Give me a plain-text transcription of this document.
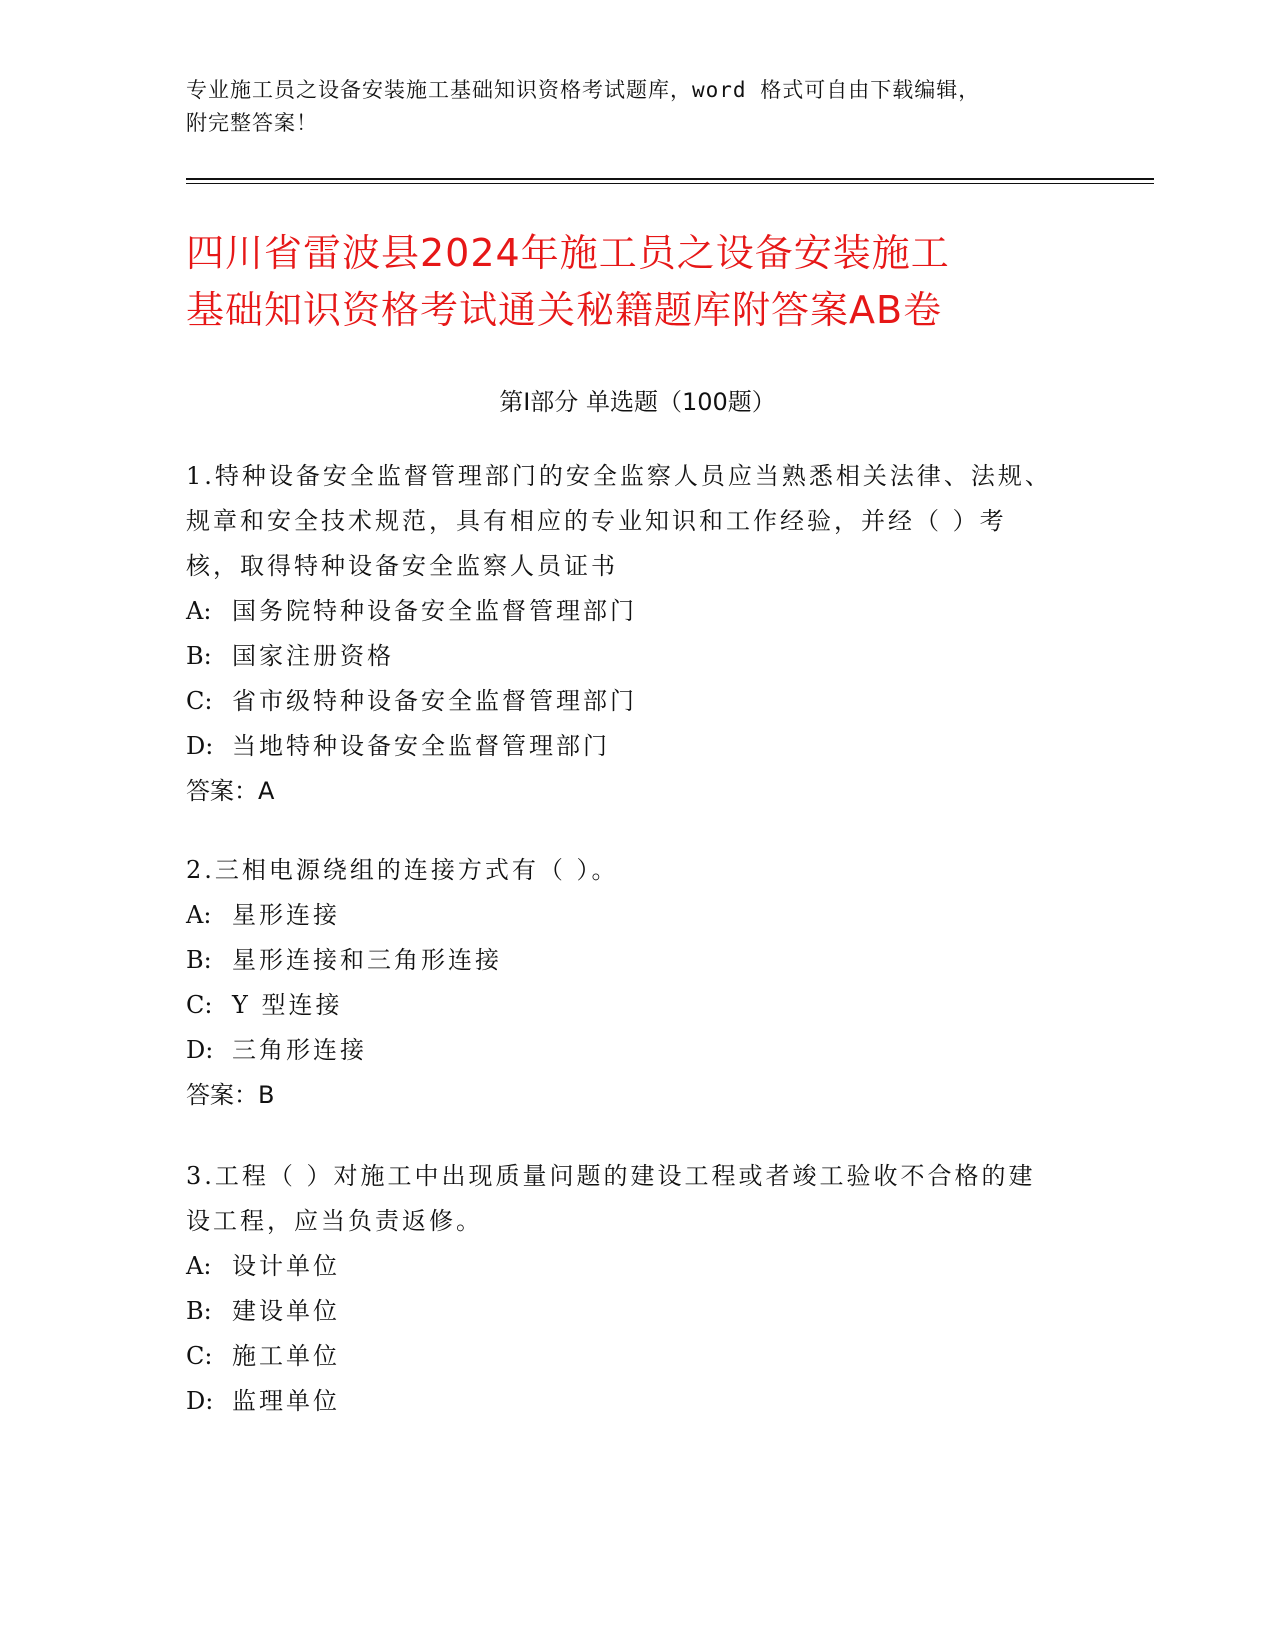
专业施工员之设备安装施工基础知识资格考试题库，word 格式可自由下载编辑，
附完整答案！
四川省雷波县2024年施工员之设备安装施工
基础知识资格考试通关秘籍题库附答案AB卷
第Ⅰ部分 单选题（100题）

1.特种设备安全监督管理部门的安全监察人员应当熟悉相关法律、法规、规章和安全技术规范，具有相应的专业知识和工作经验，并经（ ）考核，取得特种设备安全监察人员证书

A: 国务院特种设备安全监督管理部门

B: 国家注册资格

C: 省市级特种设备安全监督管理部门

D: 当地特种设备安全监督管理部门

答案：A

2.三相电源绕组的连接方式有（ ）。

A: 星形连接

B: 星形连接和三角形连接

C: Y 型连接

D: 三角形连接

答案：B

3.工程（ ）对施工中出现质量问题的建设工程或者竣工验收不合格的建设工程，应当负责返修。

A: 设计单位

B: 建设单位

C: 施工单位

D: 监理单位
